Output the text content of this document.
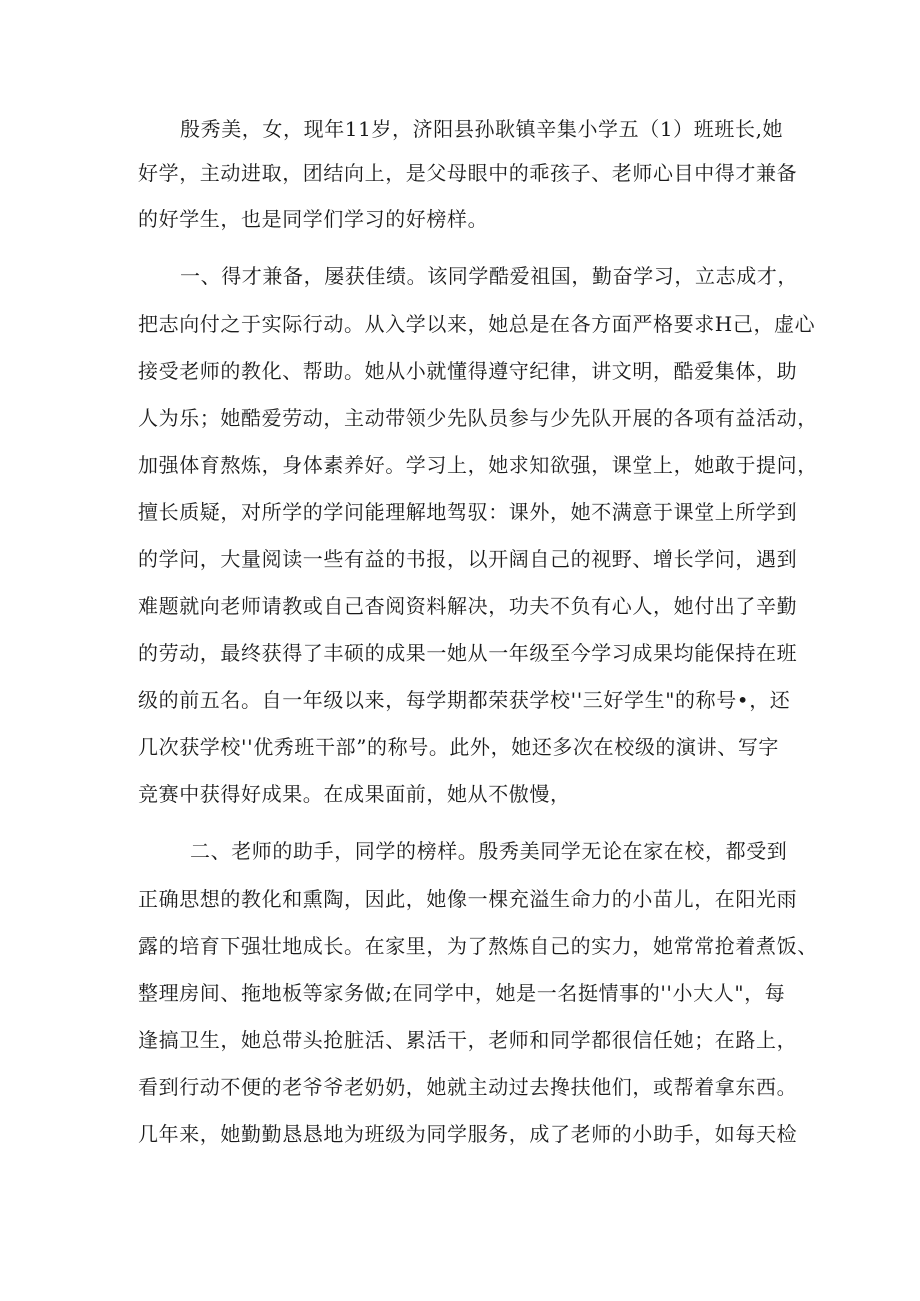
殷秀美，女，现年11岁，济阳县孙耿镇辛集小学五（1）班班长,她
好学，主动进取，团结向上，是父母眼中的乖孩子、老师心目中得才兼备
的好学生，也是同学们学习的好榜样。
一、得才兼备，屡获佳绩。该同学酷爱祖国，勤奋学习，立志成才，
把志向付之于实际行动。从入学以来，她总是在各方面严格要求H己，虚心
接受老师的教化、帮助。她从小就懂得遵守纪律，讲文明，酷爱集体，助
人为乐；她酷爱劳动，主动带领少先队员参与少先队开展的各项有益活动，
加强体育熬炼，身体素养好。学习上，她求知欲强，课堂上，她敢于提问，
擅长质疑，对所学的学问能理解地驾驭：课外，她不满意于课堂上所学到
的学问，大量阅读一些有益的书报，以开阔自己的视野、增长学问，遇到
难题就向老师请教或自己杳阅资料解决，功夫不负有心人，她付出了辛勤
的劳动，最终获得了丰硕的成果一她从一年级至今学习成果均能保持在班
级的前五名。自一年级以来，每学期都荣获学校''三好学生"的称号•，还
几次获学校''优秀班干部”的称号。此外，她还多次在校级的演讲、写字
竞赛中获得好成果。在成果面前，她从不傲慢，
二、老师的助手，同学的榜样。殷秀美同学无论在家在校，都受到
正确思想的教化和熏陶，因此，她像一棵充溢生命力的小苗儿，在阳光雨
露的培育下强壮地成长。在家里，为了熬炼自己的实力，她常常抢着煮饭、
整理房间、拖地板等家务做;在同学中，她是一名挺情事的''小大人"，每
逢搞卫生，她总带头抢脏活、累活干，老师和同学都很信任她；在路上，
看到行动不便的老爷爷老奶奶，她就主动过去搀扶他们，或帮着拿东西。
几年来，她勤勤恳恳地为班级为同学服务，成了老师的小助手，如每天检
